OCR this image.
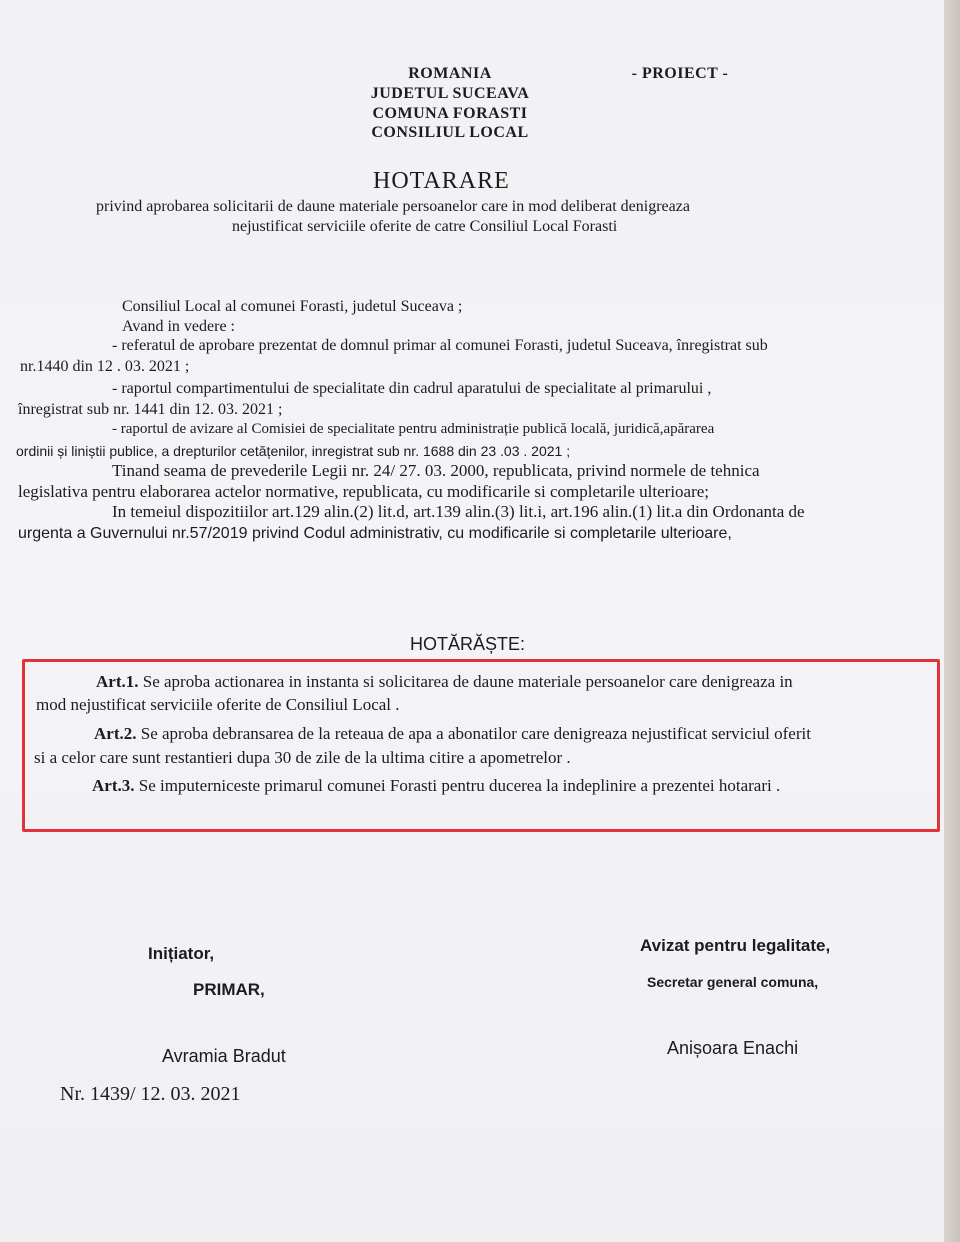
ROMANIA
JUDETUL SUCEAVA
COMUNA FORASTI
CONSILIUL LOCAL
- PROIECT -
HOTARARE
privind aprobarea solicitarii de daune materiale persoanelor care in mod deliberat denigreaza
nejustificat serviciile oferite de catre Consiliul Local Forasti
Consiliul Local al comunei Forasti, judetul Suceava ;
Avand in vedere :
- referatul de aprobare prezentat de domnul primar al comunei Forasti, judetul Suceava, înregistrat sub
nr.1440 din 12 . 03. 2021 ;
- raportul compartimentului de specialitate din cadrul aparatului de specialitate al primarului ,
înregistrat sub nr. 1441 din 12. 03. 2021 ;
- raportul de avizare al Comisiei de specialitate pentru administrație publică locală, juridică,apărarea
ordinii și liniștii publice, a drepturilor cetățenilor, inregistrat sub nr. 1688 din 23 .03 . 2021 ;
Tinand seama de prevederile Legii nr. 24/ 27. 03. 2000, republicata, privind normele de tehnica
legislativa pentru elaborarea actelor normative, republicata, cu modificarile si completarile ulterioare;
In temeiul dispozitiilor art.129 alin.(2) lit.d, art.139 alin.(3) lit.i, art.196 alin.(1) lit.a din Ordonanta de
urgenta a Guvernului nr.57/2019 privind Codul administrativ, cu modificarile si completarile ulterioare,
HOTĂRĂȘTE:
Art.1. Se aproba actionarea in instanta si solicitarea de daune materiale persoanelor care denigreaza in
mod nejustificat serviciile oferite de Consiliul Local .
Art.2. Se aproba debransarea de la reteaua de apa a abonatilor care denigreaza nejustificat serviciul oferit
si a celor care sunt restantieri dupa 30 de zile de la ultima citire a apometrelor .
Art.3. Se imputerniceste primarul comunei Forasti pentru ducerea la indeplinire a prezentei hotarari .
Inițiator,
PRIMAR,
Avramia Bradut
Avizat pentru legalitate,
Secretar general comuna,
Anișoara Enachi
Nr. 1439/ 12. 03. 2021
